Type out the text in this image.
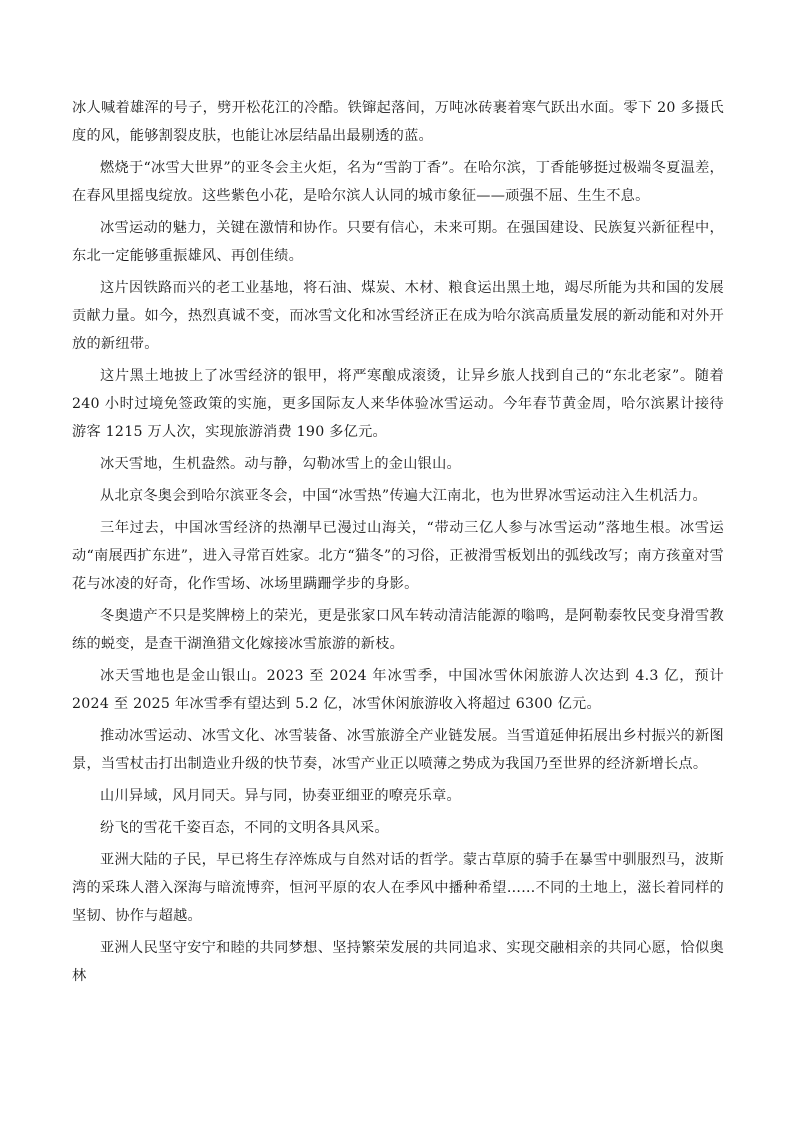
冰人喊着雄浑的号子，劈开松花江的冷酷。铁镩起落间，万吨冰砖裹着寒气跃出水面。零下 20 多摄氏度的风，能够割裂皮肤，也能让冰层结晶出最剔透的蓝。

燃烧于“冰雪大世界”的亚冬会主火炬，名为“雪韵丁香”。在哈尔滨，丁香能够挺过极端冬夏温差，在春风里摇曳绽放。这些紫色小花，是哈尔滨人认同的城市象征——顽强不屈、生生不息。

冰雪运动的魅力，关键在激情和协作。只要有信心，未来可期。在强国建设、民族复兴新征程中，东北一定能够重振雄风、再创佳绩。

这片因铁路而兴的老工业基地，将石油、煤炭、木材、粮食运出黑土地，竭尽所能为共和国的发展贡献力量。如今，热烈真诚不变，而冰雪文化和冰雪经济正在成为哈尔滨高质量发展的新动能和对外开放的新纽带。

这片黑土地披上了冰雪经济的银甲，将严寒酿成滚烫，让异乡旅人找到自己的“东北老家”。随着 240 小时过境免签政策的实施，更多国际友人来华体验冰雪运动。今年春节黄金周，哈尔滨累计接待游客 1215 万人次，实现旅游消费 190 多亿元。

冰天雪地，生机盎然。动与静，勾勒冰雪上的金山银山。

从北京冬奥会到哈尔滨亚冬会，中国“冰雪热”传遍大江南北，也为世界冰雪运动注入生机活力。

三年过去，中国冰雪经济的热潮早已漫过山海关，“带动三亿人参与冰雪运动”落地生根。冰雪运动“南展西扩东进”，进入寻常百姓家。北方“猫冬”的习俗，正被滑雪板划出的弧线改写；南方孩童对雪花与冰凌的好奇，化作雪场、冰场里蹒跚学步的身影。

冬奥遗产不只是奖牌榜上的荣光，更是张家口风车转动清洁能源的嗡鸣，是阿勒泰牧民变身滑雪教练的蜕变，是查干湖渔猎文化嫁接冰雪旅游的新枝。

冰天雪地也是金山银山。2023 至 2024 年冰雪季，中国冰雪休闲旅游人次达到 4.3 亿，预计 2024 至 2025 年冰雪季有望达到 5.2 亿，冰雪休闲旅游收入将超过 6300 亿元。

推动冰雪运动、冰雪文化、冰雪装备、冰雪旅游全产业链发展。当雪道延伸拓展出乡村振兴的新图景，当雪杖击打出制造业升级的快节奏，冰雪产业正以喷薄之势成为我国乃至世界的经济新增长点。

山川异域，风月同天。异与同，协奏亚细亚的嘹亮乐章。

纷飞的雪花千姿百态，不同的文明各具风采。

亚洲大陆的子民，早已将生存淬炼成与自然对话的哲学。蒙古草原的骑手在暴雪中驯服烈马，波斯湾的采珠人潜入深海与暗流博弈，恒河平原的农人在季风中播种希望……不同的土地上，滋长着同样的坚韧、协作与超越。

亚洲人民坚守安宁和睦的共同梦想、坚持繁荣发展的共同追求、实现交融相亲的共同心愿，恰似奥林
